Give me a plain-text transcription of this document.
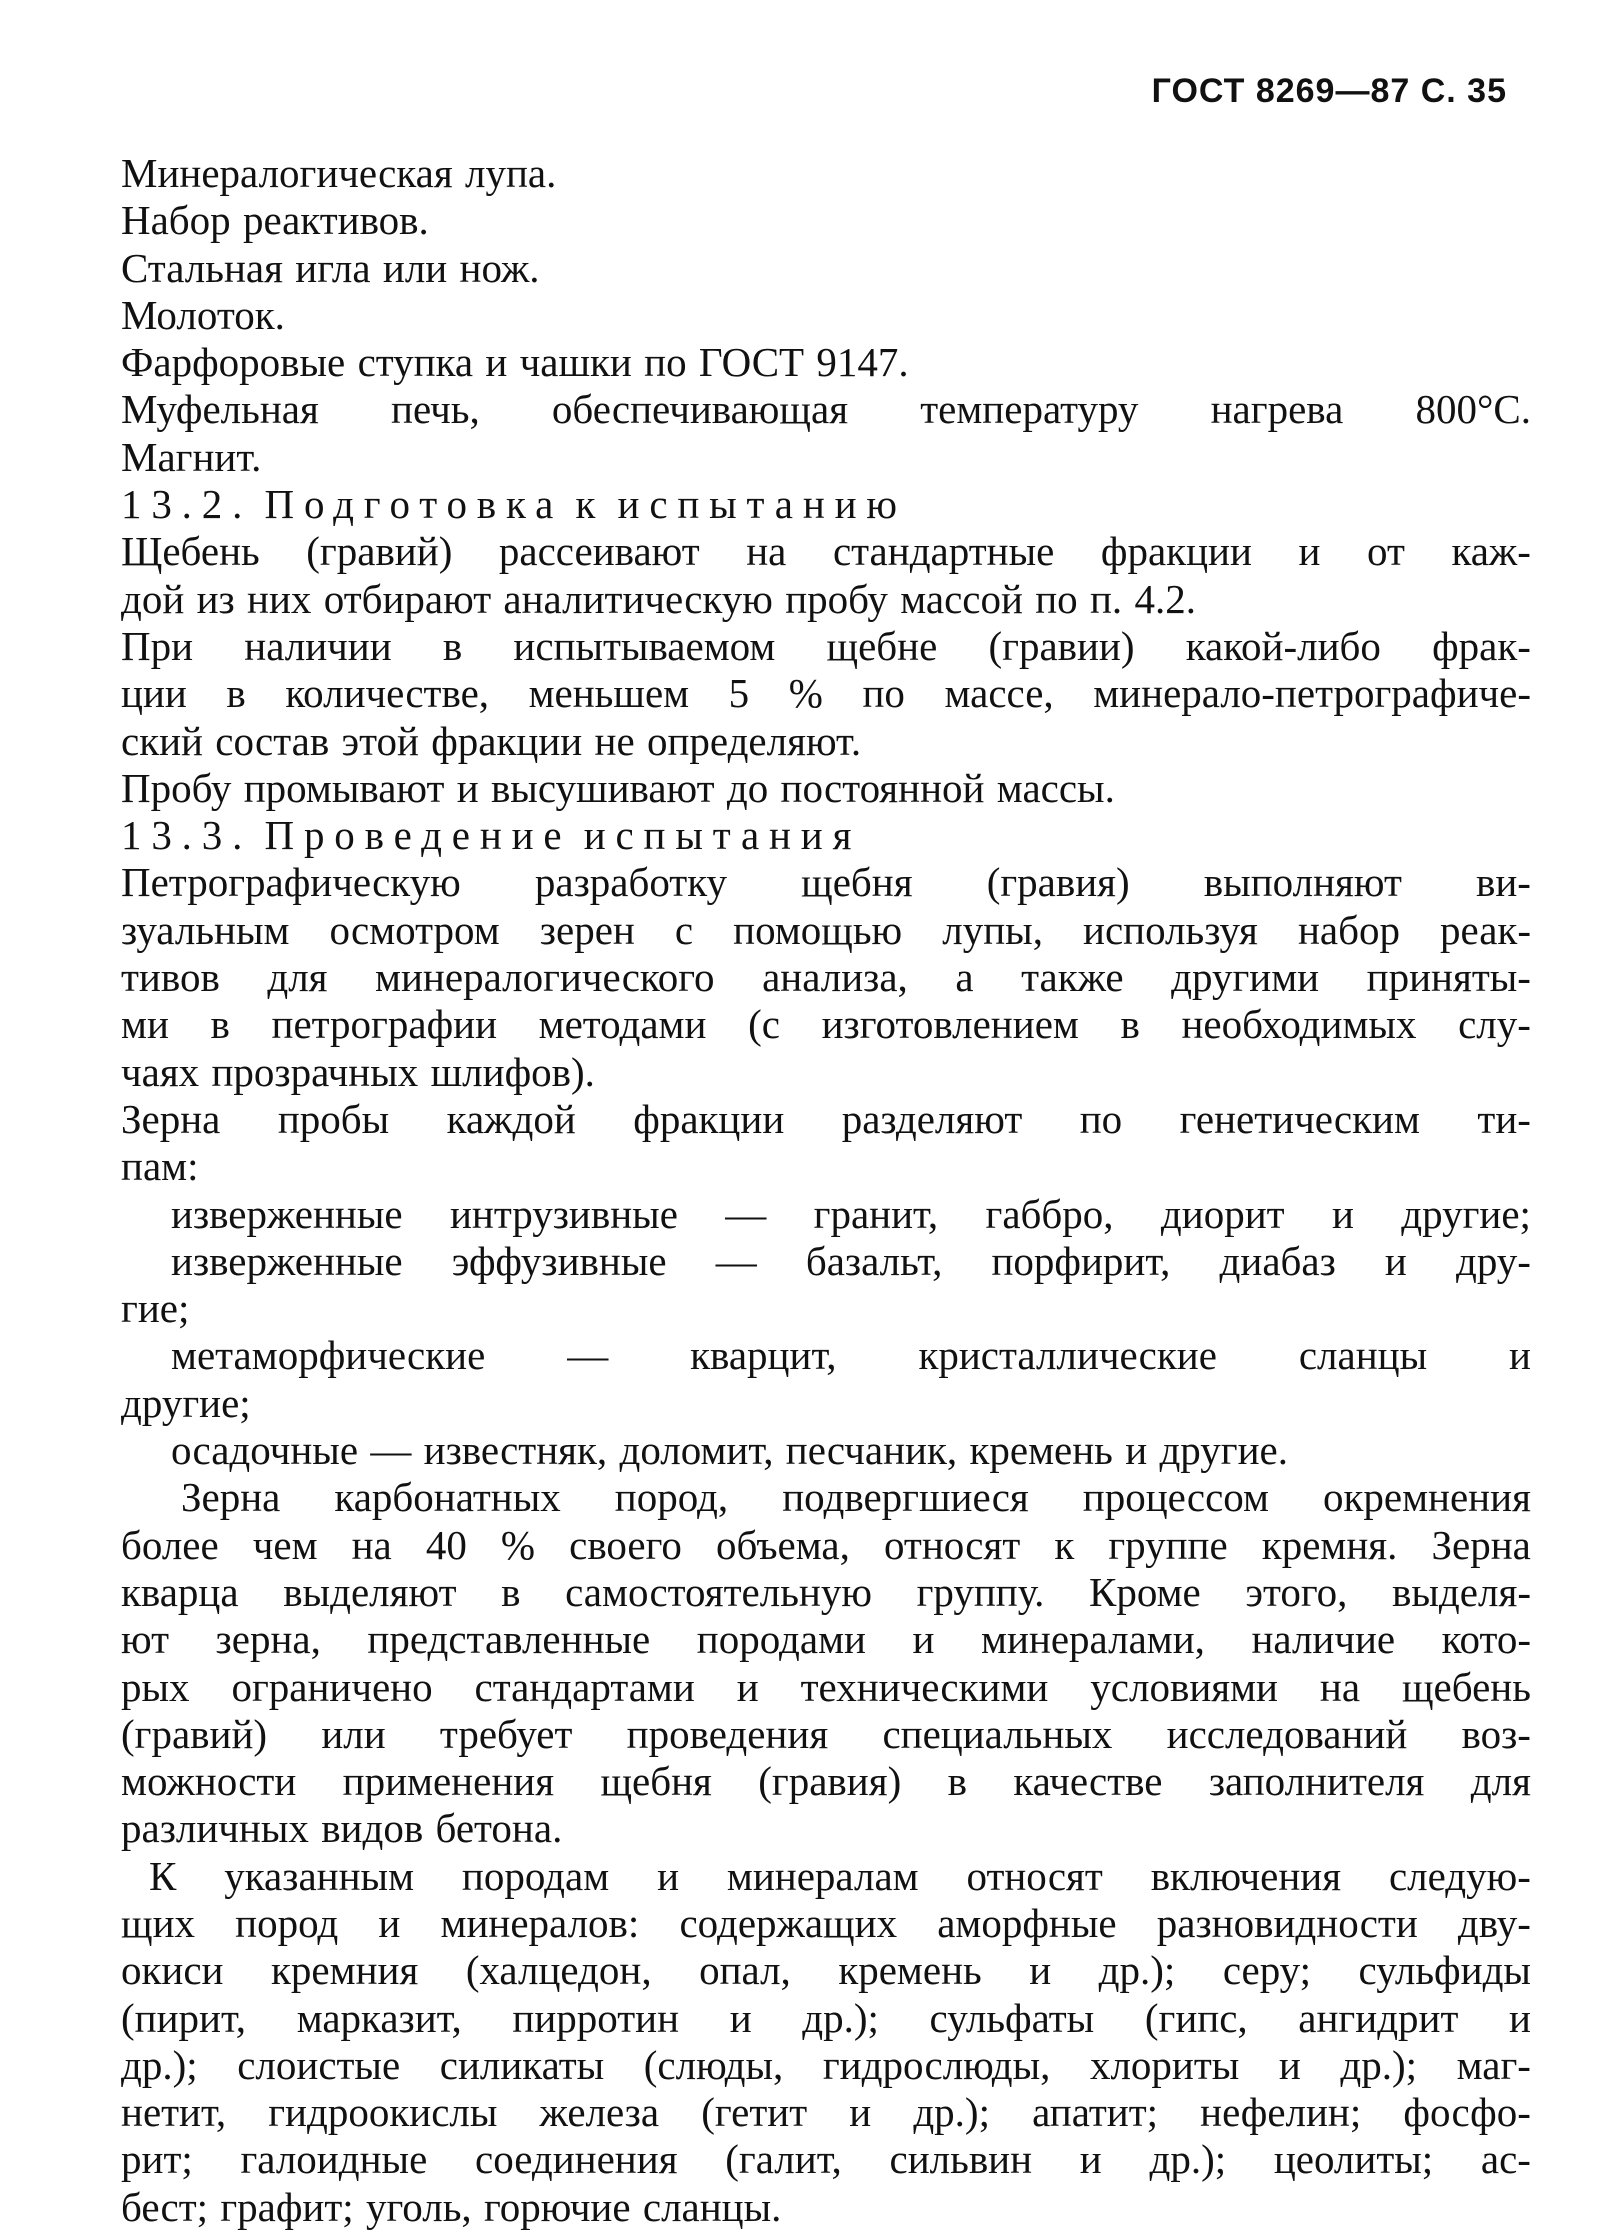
ГОСТ 8269—87 С. 35
Минералогическая лупа.
Набор реактивов.
Стальная игла или нож.
Молоток.
Фарфоровые ступка и чашки по ГОСТ 9147.
Муфельная печь, обеспечивающая температуру нагрева 800°С.
Магнит.
13.2. Подготовка к испытанию
Щебень (гравий) рассеивают на стандартные фракции и от каж-
дой из них отбирают аналитическую пробу массой по п. 4.2.
При наличии в испытываемом щебне (гравии) какой-либо фрак-
ции в количестве, меньшем 5 % по массе, минерало-петрографиче-
ский состав этой фракции не определяют.
Пробу промывают и высушивают до постоянной массы.
13.3. Проведение испытания
Петрографическую разработку щебня (гравия) выполняют ви-
зуальным осмотром зерен с помощью лупы, используя набор реак-
тивов для минералогического анализа, а также другими приняты-
ми в петрографии методами (с изготовлением в необходимых слу-
чаях прозрачных шлифов).
Зерна пробы каждой фракции разделяют по генетическим ти-
пам:
изверженные интрузивные — гранит, габбро, диорит и другие;
изверженные эффузивные — базальт, порфирит, диабаз и дру-
гие;
метаморфические — кварцит, кристаллические сланцы и
другие;
осадочные — известняк, доломит, песчаник, кремень и другие.
Зерна карбонатных пород, подвергшиеся процессом окремнения
более чем на 40 % своего объема, относят к группе кремня. Зерна
кварца выделяют в самостоятельную группу. Кроме этого, выделя-
ют зерна, представленные породами и минералами, наличие кото-
рых ограничено стандартами и техническими условиями на щебень
(гравий) или требует проведения специальных исследований воз-
можности применения щебня (гравия) в качестве заполнителя для
различных видов бетона.
К указанным породам и минералам относят включения следую-
щих пород и минералов: содержащих аморфные разновидности дву-
окиси кремния (халцедон, опал, кремень и др.); серу; сульфиды
(пирит, марказит, пирротин и др.); сульфаты (гипс, ангидрит и
др.); слоистые силикаты (слюды, гидрослюды, хлориты и др.); маг-
нетит, гидроокислы железа (гетит и др.); апатит; нефелин; фосфо-
рит; галоидные соединения (галит, сильвин и др.); цеолиты; ас-
бест; графит; уголь, горючие сланцы.
